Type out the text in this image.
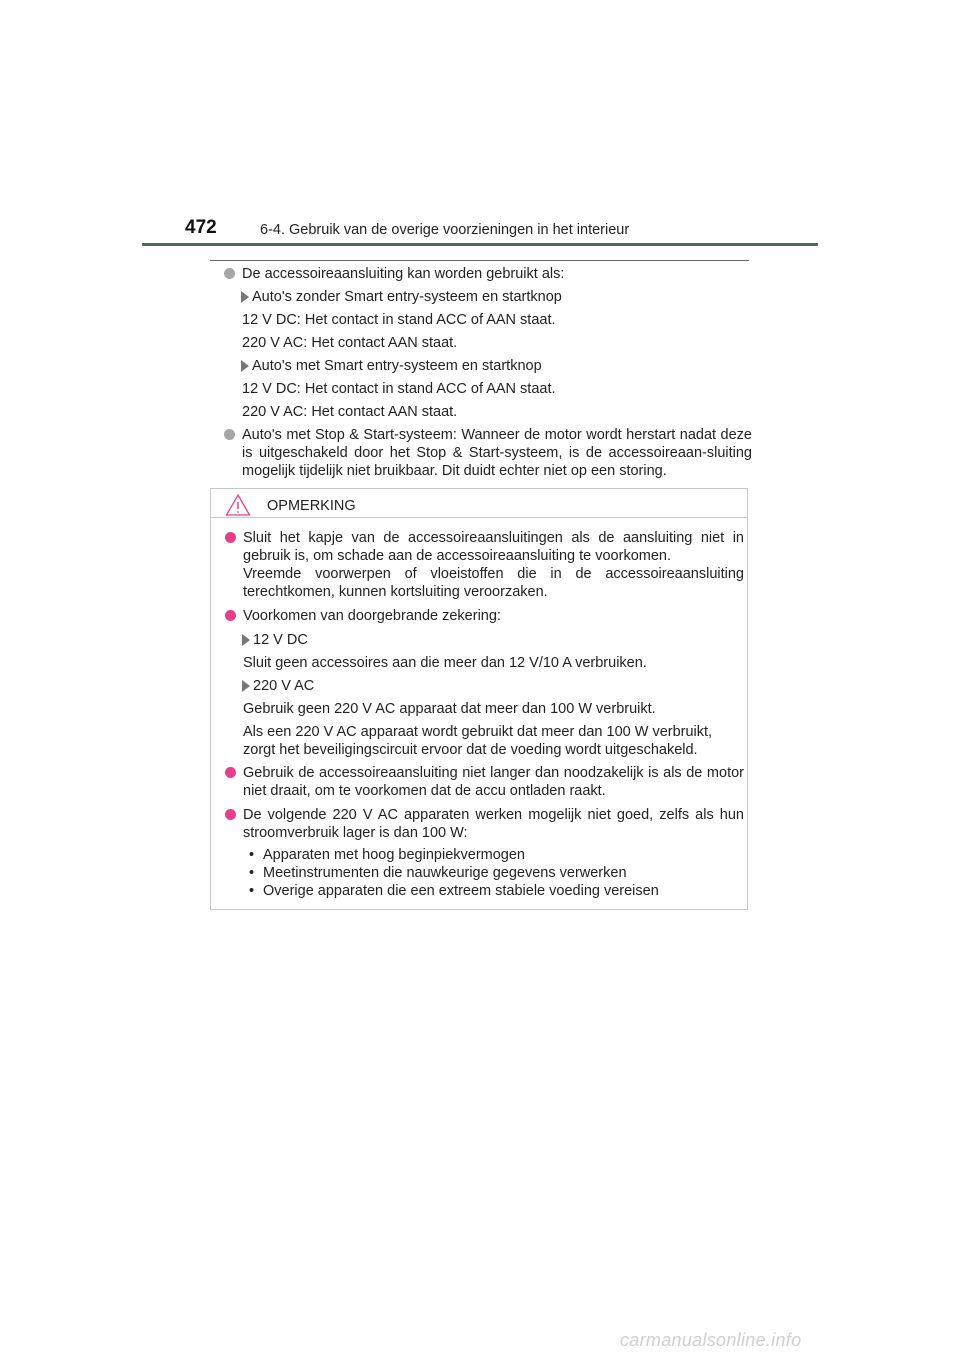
472	6-4. Gebruik van de overige voorzieningen in het interieur
De accessoireaansluiting kan worden gebruikt als:
Auto's zonder Smart entry-systeem en startknop
12 V DC: Het contact in stand ACC of AAN staat.
220 V AC: Het contact AAN staat.
Auto's met Smart entry-systeem en startknop
12 V DC: Het contact in stand ACC of AAN staat.
220 V AC: Het contact AAN staat.
Auto's met Stop & Start-systeem: Wanneer de motor wordt herstart nadat deze is uitgeschakeld door het Stop & Start-systeem, is de accessoireaan-sluiting mogelijk tijdelijk niet bruikbaar. Dit duidt echter niet op een storing.
OPMERKING
Sluit het kapje van de accessoireaansluitingen als de aansluiting niet in gebruik is, om schade aan de accessoireaansluiting te voorkomen.
Vreemde voorwerpen of vloeistoffen die in de accessoireaansluiting terechtkomen, kunnen kortsluiting veroorzaken.
Voorkomen van doorgebrande zekering:
12 V DC
Sluit geen accessoires aan die meer dan 12 V/10 A verbruiken.
220 V AC
Gebruik geen 220 V AC apparaat dat meer dan 100 W verbruikt.
Als een 220 V AC apparaat wordt gebruikt dat meer dan 100 W verbruikt, zorgt het beveiligingscircuit ervoor dat de voeding wordt uitgeschakeld.
Gebruik de accessoireaansluiting niet langer dan noodzakelijk is als de motor niet draait, om te voorkomen dat de accu ontladen raakt.
De volgende 220 V AC apparaten werken mogelijk niet goed, zelfs als hun stroomverbruik lager is dan 100 W:
• Apparaten met hoog beginpiekvermogen
• Meetinstrumenten die nauwkeurige gegevens verwerken
• Overige apparaten die een extreem stabiele voeding vereisen
carmanualsonline.info
